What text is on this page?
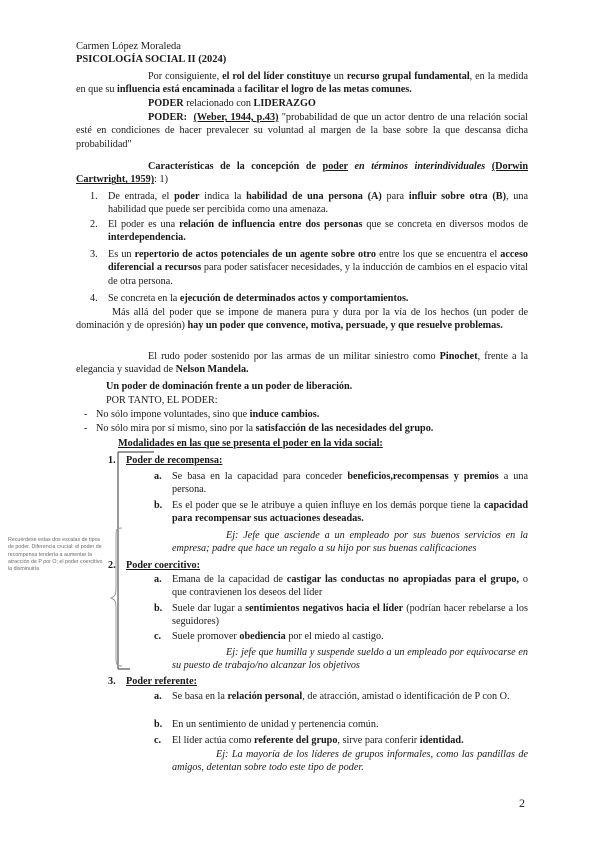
Carmen López Moraleda
PSICOLOGÍA SOCIAL II (2024)
Por consiguiente, el rol del líder constituye un recurso grupal fundamental, en la medida en que su influencia está encaminada a facilitar el logro de las metas comunes.
PODER relacionado con LIDERAZGO
PODER: (Weber, 1944, p.43) "probabilidad de que un actor dentro de una relación social esté en condiciones de hacer prevalecer su voluntad al margen de la base sobre la que descansa dicha probabilidad"
Características de la concepción de poder en términos interindividuales (Dorwin Cartwright, 1959): 1)
1. De entrada, el poder indica la habilidad de una persona (A) para influir sobre otra (B), una habilidad que puede ser percibida como una amenaza.
2. El poder es una relación de influencia entre dos personas que se concreta en diversos modos de interdependencia.
3. Es un repertorio de actos potenciales de un agente sobre otro entre los que se encuentra el acceso diferencial a recursos para poder satisfacer necesidades, y la inducción de cambios en el espacio vital de otra persona.
4. Se concreta en la ejecución de determinados actos y comportamientos.
Más allá del poder que se impone de manera pura y dura por la vía de los hechos (un poder de dominación y de opresión) hay un poder que convence, motiva, persuade, y que resuelve problemas.
El rudo poder sostenido por las armas de un militar siniestro como Pinochet, frente a la elegancia y suavidad de Nelson Mandela.
Un poder de dominación frente a un poder de liberación.
POR TANTO, EL PODER:
- No sólo impone voluntades, sino que induce cambios.
- No sólo mira por sí mismo, sino por la satisfacción de las necesidades del grupo.
Modalidades en las que se presenta el poder en la vida social:
1. Poder de recompensa:
a. Se basa en la capacidad para conceder beneficios,recompensas y premios a una persona.
b. Es el poder que se le atribuye a quien influye en los demás porque tiene la capacidad para recompensar sus actuaciones deseadas.
Ej: Jefe que asciende a un empleado por sus buenos servicios en la empresa; padre que hace un regalo a su hijo por sus buenas calificaciones
2. Poder coercitivo:
a. Emana de la capacidad de castigar las conductas no apropiadas para el grupo, o que contravienen los deseos del líder
b. Suele dar lugar a sentimientos negativos hacia el líder (podrían hacer rebelarse a los seguidores)
c. Suele promover obediencia por el miedo al castigo.
Ej: jefe que humilla y suspende sueldo a un empleado por equivocarse en su puesto de trabajo/no alcanzar los objetivos
3. Poder referente:
a. Se basa en la relación personal, de atracción, amistad o identificación de P con O.
b. En un sentimiento de unidad y pertenencia común.
c. El líder actúa como referente del grupo, sirve para conferir identidad.
Ej: La mayoría de los líderes de grupos informales, como las pandillas de amigos, detentan sobre todo este tipo de poder.
Recuérdese estas dos escalas de tipos de poder. Diferencia crucial: el poder de recompensa tendería a aumentar la atracción de P por O; el poder coercitivo la disminuiría
2
